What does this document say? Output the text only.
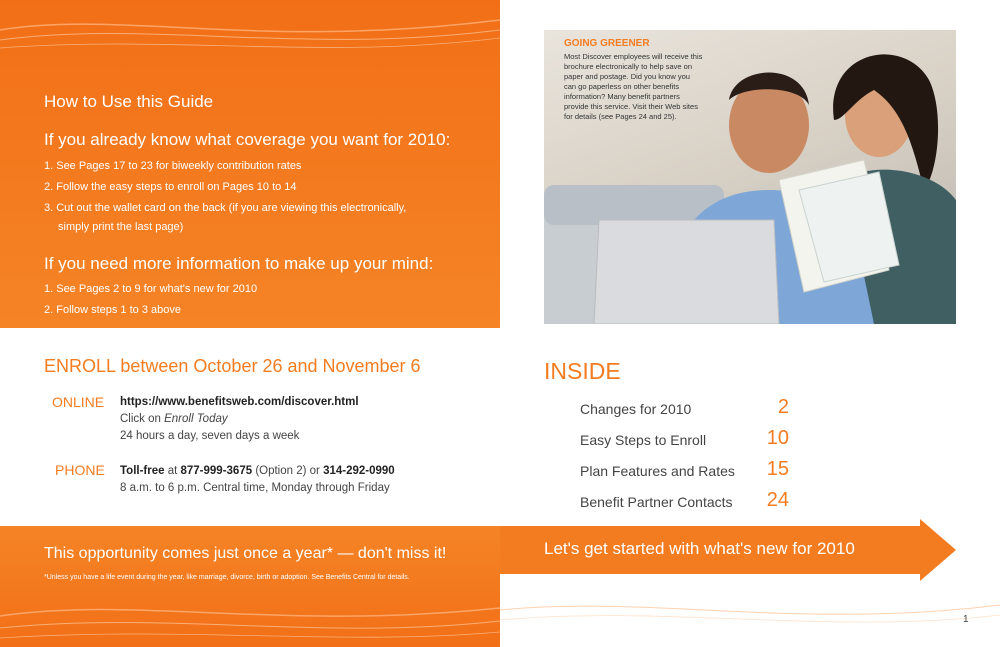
How to Use this Guide
If you already know what coverage you want for 2010:
1. See Pages 17 to 23 for biweekly contribution rates
2. Follow the easy steps to enroll on Pages 10 to 14
3. Cut out the wallet card on the back (if you are viewing this electronically,
simply print the last page)
If you need more information to make up your mind:
1. See Pages 2 to 9 for what's new for 2010
2. Follow steps 1 to 3 above
GOING GREENER
Most Discover employees will receive this brochure electronically to help save on paper and postage. Did you know you can go paperless on other benefits information? Many benefit partners provide this service. Visit their Web sites for details (see Pages 24 and 25).
ENROLL between October 26 and November 6
ONLINE https://www.benefitsweb.com/discover.html
Click on Enroll Today
24 hours a day, seven days a week
PHONE Toll-free at 877-999-3675 (Option 2) or 314-292-0990
8 a.m. to 6 p.m. Central time, Monday through Friday
INSIDE
Changes for 2010	2
Easy Steps to Enroll	10
Plan Features and Rates	15
Benefit Partner Contacts	24
This opportunity comes just once a year* — don't miss it!
*Unless you have a life event during the year, like marriage, divorce, birth or adoption. See Benefits Central for details.
Let's get started with what's new for 2010
1
